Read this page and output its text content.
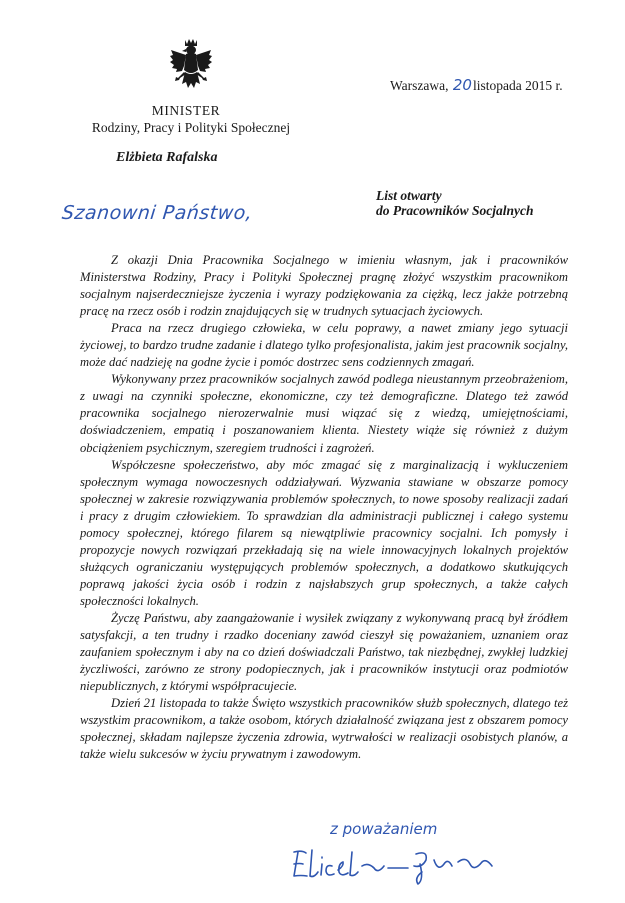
Warszawa, 20listopada 2015 r.
MINISTER
Rodziny, Pracy i Polityki Społecznej
Elżbieta Rafalska
List otwarty
do Pracowników Socjalnych
Szanowni Państwo,

Z okazji Dnia Pracownika Socjalnego w imieniu własnym, jak i pracowników Ministerstwa Rodziny, Pracy i Polityki Społecznej pragnę złożyć wszystkim pracownikom socjalnym najserdeczniejsze życzenia i wyrazy podziękowania za ciężką, lecz jakże potrzebną pracę na rzecz osób i rodzin znajdujących się w trudnych sytuacjach życiowych.

Praca na rzecz drugiego człowieka, w celu poprawy, a nawet zmiany jego sytuacji życiowej, to bardzo trudne zadanie i dlatego tylko profesjonalista, jakim jest pracownik socjalny, może dać nadzieję na godne życie i pomóc dostrzec sens codziennych zmagań.

Wykonywany przez pracowników socjalnych zawód podlega nieustannym przeobrażeniom, z uwagi na czynniki społeczne, ekonomiczne, czy też demograficzne. Dlatego też zawód pracownika socjalnego nierozerwalnie musi wiązać się z wiedzą, umiejętnościami, doświadczeniem, empatią i poszanowaniem klienta. Niestety wiąże się również z dużym obciążeniem psychicznym, szeregiem trudności i zagrożeń.

Współczesne społeczeństwo, aby móc zmagać się z marginalizacją i wykluczeniem społecznym wymaga nowoczesnych oddziaływań. Wyzwania stawiane w obszarze pomocy społecznej w zakresie rozwiązywania problemów społecznych, to nowe sposoby realizacji zadań i pracy z drugim człowiekiem. To sprawdzian dla administracji publicznej i całego systemu pomocy społecznej, którego filarem są niewątpliwie pracownicy socjalni. Ich pomysły i propozycje nowych rozwiązań przekładają się na wiele innowacyjnych lokalnych projektów służących ograniczaniu występujących problemów społecznych, a dodatkowo skutkujących poprawą jakości życia osób i rodzin z najsłabszych grup społecznych, a także całych społeczności lokalnych.

Życzę Państwu, aby zaangażowanie i wysiłek związany z wykonywaną pracą był źródłem satysfakcji, a ten trudny i rzadko doceniany zawód cieszył się poważaniem, uznaniem oraz zaufaniem społecznym i aby na co dzień doświadczali Państwo, tak niezbędnej, zwykłej ludzkiej życzliwości, zarówno ze strony podopiecznych, jak i pracowników instytucji oraz podmiotów niepublicznych, z którymi współpracujecie.

Dzień 21 listopada to także Święto wszystkich pracowników służb społecznych, dlatego też wszystkim pracownikom, a także osobom, których działalność związana jest z obszarem pomocy społecznej, składam najlepsze życzenia zdrowia, wytrwałości w realizacji osobistych planów, a także wielu sukcesów w życiu prywatnym i zawodowym.

z poważaniem
